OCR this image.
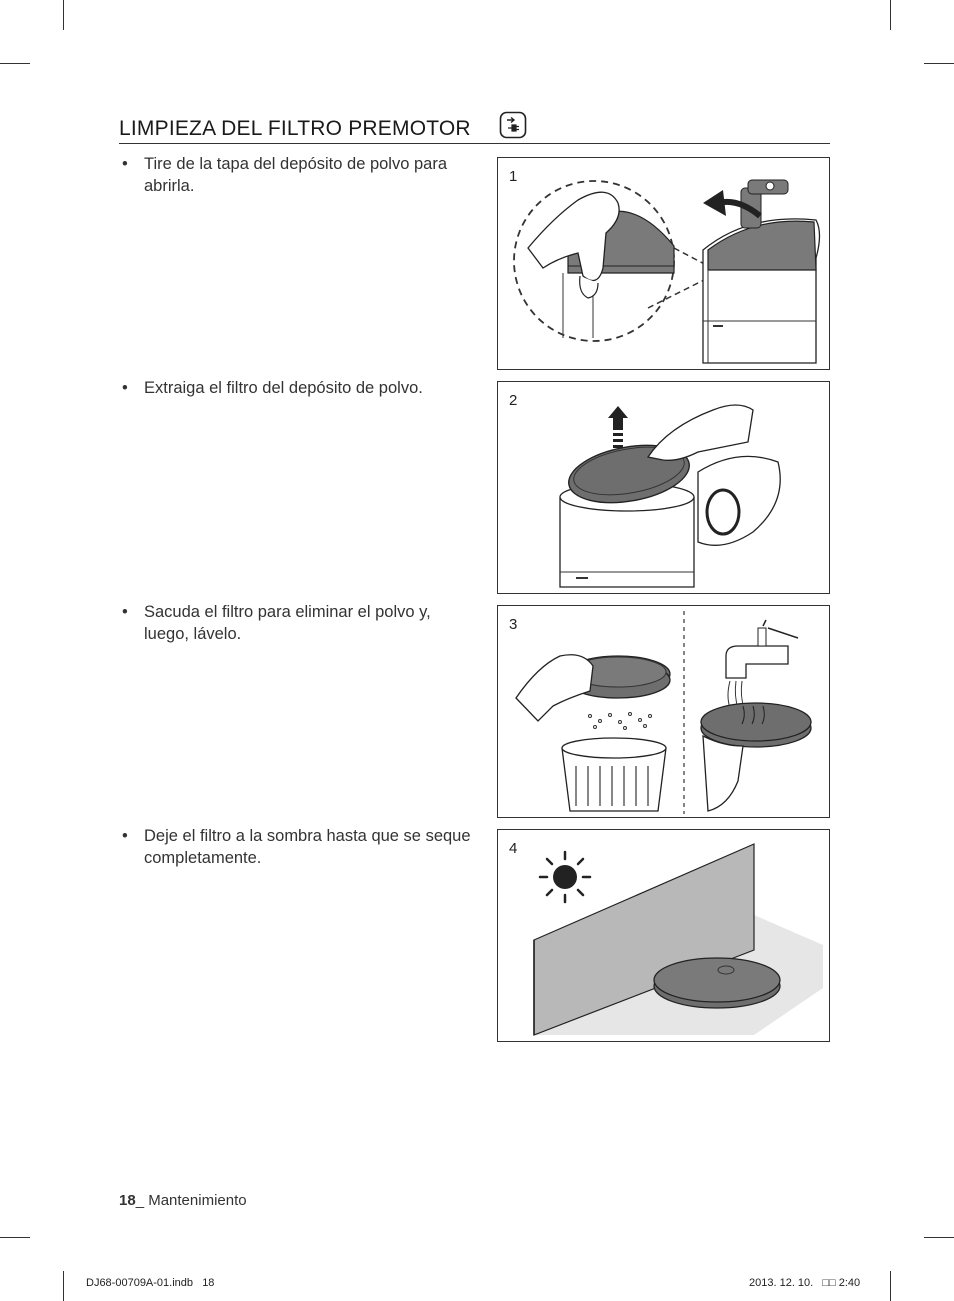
LIMPIEZA DEL FILTRO PREMOTOR
• Tire de la tapa del depósito de polvo para abrirla.
• Extraiga el filtro del depósito de polvo.
• Sacuda el filtro para eliminar el polvo y, luego, lávelo.
• Deje el filtro a la sombra hasta que se seque completamente.
1
2
3
4
18_ Mantenimiento
DJ68-00709A-01.indb   18	2013. 12. 10.   □□ 2:40
